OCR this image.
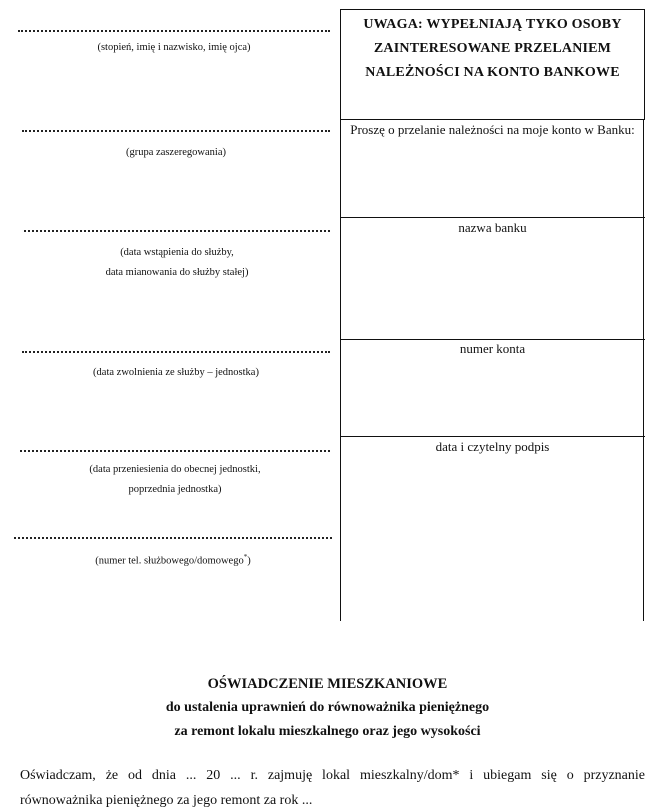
(stopień, imię i nazwisko, imię ojca)
(grupa zaszeregowania)
(data wstąpienia do służby,
data mianowania do służby stałej)
(data zwolnienia ze służby – jednostka)
(data przeniesienia do obecnej jednostki,
poprzednia jednostka)
(numer tel. służbowego/domowego*)
UWAGA: WYPEŁNIAJĄ TYKO OSOBY
ZAINTERESOWANE PRZELANIEM
NALEŻNOŚCI NA KONTO BANKOWE
Proszę o przelanie należności na moje konto w Banku:
nazwa banku
numer konta
data i czytelny podpis
OŚWIADCZENIE MIESZKANIOWE
do ustalenia uprawnień do równoważnika pieniężnego
za remont lokalu mieszkalnego oraz jego wysokości
Oświadczam, że od dnia ... 20 ... r. zajmuję lokal mieszkalny/dom* i ubiegam się o przyznanie
równoważnika pieniężnego za jego remont za rok ...
